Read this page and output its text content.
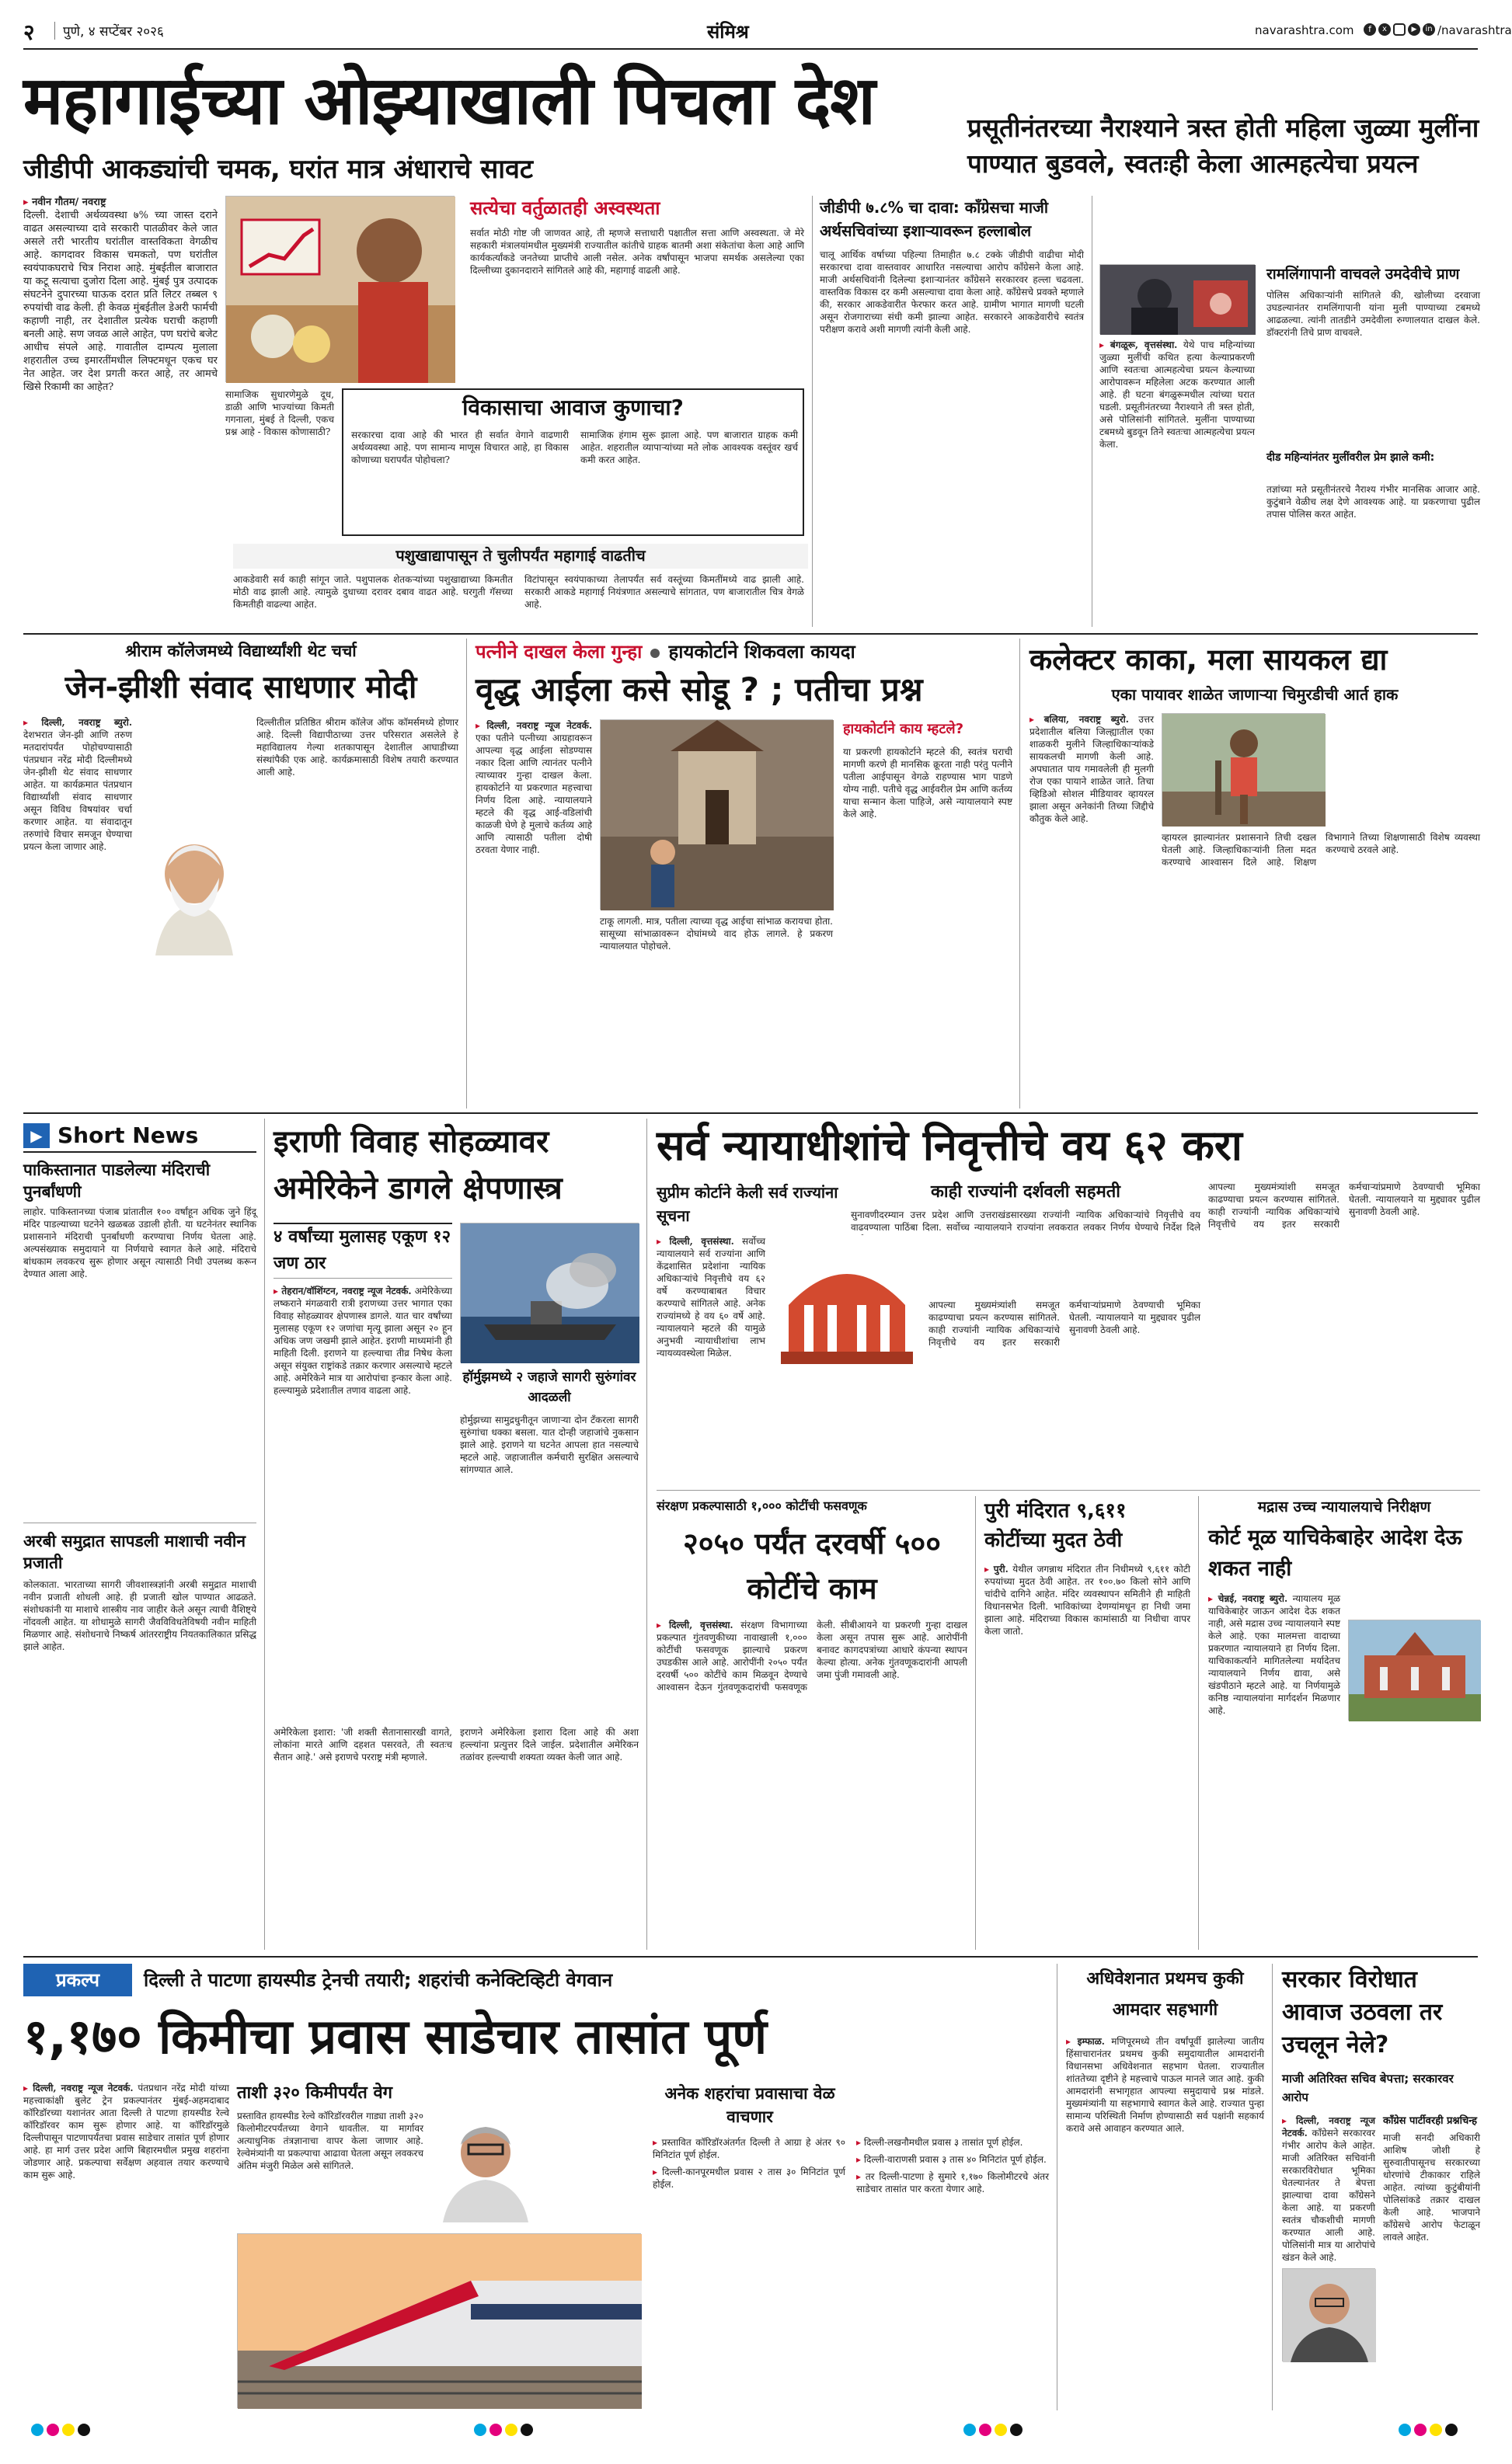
२	पुणे, ४ सप्टेंबर २०२६	संमिश्र	navarashtra.com	f	x	▶	in /navarashtra
महागाईच्या ओझ्याखाली पिचला देश
जीडीपी आकड्यांची चमक, घरांत मात्र अंधाराचे सावट
▸ नवीन गौतम/ नवराष्ट्र
दिल्ली. देशाची अर्थव्यवस्था ७% च्या जास्त दराने वाढत असल्याच्या दावे सरकारी पातळीवर केले जात असले तरी भारतीय घरांतील वास्तविकता वेगळीच आहे. कागदावर विकास चमकतो, पण घरांतील स्वयंपाकघराचे चित्र निराश आहे. मुंबईतील बाजारात या कटू सत्याचा दुजोरा दिला आहे. मुंबई पुत्र उत्पादक संघटनेने दुपारच्या घाऊक दरात प्रति लिटर तब्बल ९ रुपयांची वाढ केली. ही केवळ मुंबईतील डेअरी फार्मची कहाणी नाही, तर देशातील प्रत्येक घराची कहाणी बनली आहे. सण जवळ आले आहेत, पण घरांचे बजेट आधीच संपले आहे. गावातील दाम्पत्य मुलाला शहरातील उच्च इमारतींमधील लिफ्टमधून एकच घर नेत आहेत. जर देश प्रगती करत आहे, तर आमचे खिसे रिकामी का आहेत?
सामाजिक सुधारणेमुळे दूध, डाळी आणि भाज्यांच्या किमती गगनाला, मुंबई ते दिल्ली, एकच प्रश्न आहे - विकास कोणासाठी?
सत्येचा वर्तुळातही अस्वस्थता
सर्वात मोठी गोष्ट जी जाणवत आहे, ती म्हणजे सत्ताधारी पक्षातील सत्ता आणि अस्वस्थता. जे मेरे सहकारी मंत्रालयांमधील मुख्यमंत्री राज्यातील कांतीचे ग्राहक बातमी अशा संकेतांचा केला आहे आणि कार्यकर्त्यांकडे जनतेच्या प्राप्तीचे आली नसेल. अनेक वर्षांपासून भाजपा समर्थक असलेल्या एका दिल्लीच्या दुकानदाराने सांगितले आहे की, महागाई वाढली आहे.
विकासाचा आवाज कुणाचा?
सरकारचा दावा आहे की भारत ही सर्वात वेगाने वाढणारी अर्थव्यवस्था आहे. पण सामान्य माणूस विचारत आहे, हा विकास कोणाच्या घरापर्यंत पोहोचला?
सामाजिक हंगाम सुरू झाला आहे. पण बाजारात ग्राहक कमी आहेत. शहरातील व्यापाऱ्यांच्या मते लोक आवश्यक वस्तूंवर खर्च कमी करत आहेत.
पशुखाद्यापासून ते चुलीपर्यंत महागाई वाढतीच
आकडेवारी सर्व काही सांगून जाते. पशुपालक शेतकऱ्यांच्या पशुखाद्याच्या किमतीत मोठी वाढ झाली आहे. त्यामुळे दुधाच्या दरावर दबाव वाढत आहे. घरगुती गॅसच्या किमतीही वाढल्या आहेत.
विटांपासून स्वयंपाकाच्या तेलापर्यंत सर्व वस्तूंच्या किमतींमध्ये वाढ झाली आहे. सरकारी आकडे महागाई नियंत्रणात असल्याचे सांगतात, पण बाजारातील चित्र वेगळे आहे.
जीडीपी ७.८% चा दावा: काँग्रेसचा माजी अर्थसचिवांच्या इशाऱ्यावरून हल्लाबोल
चालू आर्थिक वर्षाच्या पहिल्या तिमाहीत ७.८ टक्के जीडीपी वाढीचा मोदी सरकारचा दावा वास्तवावर आधारित नसल्याचा आरोप काँग्रेसने केला आहे. माजी अर्थसचिवांनी दिलेल्या इशाऱ्यानंतर काँग्रेसने सरकारवर हल्ला चढवला. वास्तविक विकास दर कमी असल्याचा दावा केला आहे. कॉंग्रेसचे प्रवक्ते म्हणाले की, सरकार आकडेवारीत फेरफार करत आहे. ग्रामीण भागात मागणी घटली असून रोजगाराच्या संधी कमी झाल्या आहेत. सरकारने आकडेवारीचे स्वतंत्र परीक्षण करावे अशी मागणी त्यांनी केली आहे.
प्रसूतीनंतरच्या नैराश्याने त्रस्त होती महिला जुळ्या मुलींना पाण्यात बुडवले, स्वतःही केला आत्महत्येचा प्रयत्न
▸ बंगळूरू, वृत्तसंस्था. येथे पाच महिन्यांच्या जुळ्या मुलींची कथित हत्या केल्याप्रकरणी आणि स्वतःचा आत्महत्येचा प्रयत्न केल्याच्या आरोपावरून महिलेला अटक करण्यात आली आहे. ही घटना बंगळुरूमधील त्यांच्या घरात घडली. प्रसूतीनंतरच्या नैराश्याने ती त्रस्त होती, असे पोलिसांनी सांगितले. मुलींना पाण्याच्या टबमध्ये बुडवून तिने स्वतःचा आत्महत्येचा प्रयत्न केला.
रामलिंगापानी वाचवले उमदेवीचे प्राण
पोलिस अधिकाऱ्यांनी सांगितले की, खोलीच्या दरवाजा उघडल्यानंतर रामलिंगापानी यांना मुली पाण्याच्या टबमध्ये आढळल्या. त्यांनी तातडीने उमदेवीला रुग्णालयात दाखल केले. डॉक्टरांनी तिचे प्राण वाचवले.
दीड महिन्यांनंतर मुलींवरील प्रेम झाले कमी:
तज्ञांच्या मते प्रसूतीनंतरचे नैराश्य गंभीर मानसिक आजार आहे. कुटुंबाने वेळीच लक्ष देणे आवश्यक आहे. या प्रकरणाचा पुढील तपास पोलिस करत आहेत.
श्रीराम कॉलेजमध्ये विद्यार्थ्यांशी थेट चर्चा
जेन-झीशी संवाद साधणार मोदी
▸ दिल्ली, नवराष्ट्र ब्युरो. देशभरात जेन-झी आणि तरुण मतदारांपर्यंत पोहोचण्यासाठी पंतप्रधान नरेंद्र मोदी दिल्लीमध्ये जेन-झीशी थेट संवाद साधणार आहेत. या कार्यक्रमात पंतप्रधान विद्यार्थ्यांशी संवाद साधणार असून विविध विषयांवर चर्चा करणार आहेत. या संवादातून तरुणांचे विचार समजून घेण्याचा प्रयत्न केला जाणार आहे.
दिल्लीतील प्रतिष्ठित श्रीराम कॉलेज ऑफ कॉमर्समध्ये होणार आहे. दिल्ली विद्यापीठाच्या उत्तर परिसरात असलेले हे महाविद्यालय गेल्या शतकापासून देशातील आघाडीच्या संस्थांपैकी एक आहे. कार्यक्रमासाठी विशेष तयारी करण्यात आली आहे.
पत्नीने दाखल केला गुन्हा हायकोर्टाने शिकवला कायदा
वृद्ध आईला कसे सोडू ? ; पतीचा प्रश्न
▸ दिल्ली, नवराष्ट्र न्यूज नेटवर्क. एका पतीने पत्नीच्या आग्रहावरून आपल्या वृद्ध आईला सोडण्यास नकार दिला आणि त्यानंतर पत्नीने त्याच्यावर गुन्हा दाखल केला. हायकोर्टाने या प्रकरणात महत्त्वाचा निर्णय दिला आहे. न्यायालयाने म्हटले की वृद्ध आई-वडिलांची काळजी घेणे हे मुलाचे कर्तव्य आहे आणि त्यासाठी पतीला दोषी ठरवता येणार नाही.
टाकू लागली. मात्र, पतीला त्याच्या वृद्ध आईचा सांभाळ करायचा होता. सासूच्या सांभाळावरून दोघांमध्ये वाद होऊ लागले. हे प्रकरण न्यायालयात पोहोचले.
हायकोर्टाने काय म्हटले?
या प्रकरणी हायकोर्टाने म्हटले की, स्वतंत्र घराची मागणी करणे ही मानसिक क्रूरता नाही परंतु पत्नीने पतीला आईपासून वेगळे राहण्यास भाग पाडणे योग्य नाही. पतीचे वृद्ध आईवरील प्रेम आणि कर्तव्य याचा सन्मान केला पाहिजे, असे न्यायालयाने स्पष्ट केले आहे.
कलेक्टर काका, मला सायकल द्या
एका पायावर शाळेत जाणाऱ्या चिमुरडीची आर्त हाक
▸ बलिया, नवराष्ट्र ब्युरो. उत्तर प्रदेशातील बलिया जिल्ह्यातील एका शाळकरी मुलीने जिल्हाधिकाऱ्यांकडे सायकलची मागणी केली आहे. अपघातात पाय गमावलेली ही मुलगी रोज एका पायाने शाळेत जाते. तिचा व्हिडिओ सोशल मीडियावर व्हायरल झाला असून अनेकांनी तिच्या जिद्दीचे कौतुक केले आहे.
व्हायरल झाल्यानंतर प्रशासनाने तिची दखल घेतली आहे. जिल्हाधिकाऱ्यांनी तिला मदत करण्याचे आश्वासन दिले आहे. शिक्षण विभागाने तिच्या शिक्षणासाठी विशेष व्यवस्था करण्याचे ठरवले आहे.
▶ Short News
पाकिस्तानात पाडलेल्या मंदिराची पुनर्बांधणी
लाहोर. पाकिस्तानच्या पंजाब प्रांतातील १०० वर्षांहून अधिक जुने हिंदू मंदिर पाडल्याच्या घटनेने खळबळ उडाली होती. या घटनेनंतर स्थानिक प्रशासनाने मंदिराची पुनर्बांधणी करण्याचा निर्णय घेतला आहे. अल्पसंख्याक समुदायाने या निर्णयाचे स्वागत केले आहे. मंदिराचे बांधकाम लवकरच सुरू होणार असून त्यासाठी निधी उपलब्ध करून देण्यात आला आहे.
अरबी समुद्रात सापडली माशाची नवीन प्रजाती
कोलकाता. भारताच्या सागरी जीवशास्त्रज्ञांनी अरबी समुद्रात माशाची नवीन प्रजाती शोधली आहे. ही प्रजाती खोल पाण्यात आढळते. संशोधकांनी या माशाचे शास्त्रीय नाव जाहीर केले असून त्याची वैशिष्ट्ये नोंदवली आहेत. या शोधामुळे सागरी जैवविविधतेविषयी नवीन माहिती मिळणार आहे. संशोधनाचे निष्कर्ष आंतरराष्ट्रीय नियतकालिकात प्रसिद्ध झाले आहेत.
इराणी विवाह सोहळ्यावर अमेरिकेने डागले क्षेपणास्त्र
४ वर्षांच्या मुलासह एकूण १२ जण ठार
▸ तेहरान/वॉशिंग्टन, नवराष्ट्र न्यूज नेटवर्क. अमेरिकेच्या लष्कराने मंगळवारी रात्री इराणच्या उत्तर भागात एका विवाह सोहळ्यावर क्षेपणास्त्र डागले. यात चार वर्षांच्या मुलासह एकूण १२ जणांचा मृत्यू झाला असून २० हून अधिक जण जखमी झाले आहेत. इराणी माध्यमांनी ही माहिती दिली. इराणने या हल्ल्याचा तीव्र निषेध केला असून संयुक्त राष्ट्रांकडे तक्रार करणार असल्याचे म्हटले आहे. अमेरिकेने मात्र या आरोपांचा इन्कार केला आहे. हल्ल्यामुळे प्रदेशातील तणाव वाढला आहे.
हॉर्मुझमध्ये २ जहाजे सागरी सुरुंगांवर आदळली
होर्मुझच्या सामुद्रधुनीतून जाणाऱ्या दोन टँकरला सागरी सुरुंगांचा धक्का बसला. यात दोन्ही जहाजांचे नुकसान झाले आहे. इराणने या घटनेत आपला हात नसल्याचे म्हटले आहे. जहाजातील कर्मचारी सुरक्षित असल्याचे सांगण्यात आले.
अमेरिकेला इशारा: 'जी शक्ती सैतानासारखी वागते, लोकांना मारते आणि दहशत पसरवते, ती स्वतःच सैतान आहे.' असे इराणचे परराष्ट्र मंत्री म्हणाले.
इराणने अमेरिकेला इशारा दिला आहे की अशा हल्ल्यांना प्रत्युत्तर दिले जाईल. प्रदेशातील अमेरिकन तळांवर हल्ल्याची शक्यता व्यक्त केली जात आहे.
सर्व न्यायाधीशांचे निवृत्तीचे वय ६२ करा
सुप्रीम कोर्टाने केली सर्व राज्यांना सूचना
काही राज्यांनी दर्शवली सहमती
सुनावणीदरम्यान उत्तर प्रदेश आणि उत्तराखंडसारख्या राज्यांनी न्यायिक अधिकाऱ्यांचे निवृत्तीचे वय वाढवण्याला पाठिंबा दिला. सर्वोच्च न्यायालयाने राज्यांना लवकरात लवकर निर्णय घेण्याचे निर्देश दिले
▸ दिल्ली, वृत्तसंस्था. सर्वोच्च न्यायालयाने सर्व राज्यांना आणि केंद्रशासित प्रदेशांना न्यायिक अधिकाऱ्यांचे निवृत्तीचे वय ६२ वर्षे करण्याबाबत विचार करण्याचे सांगितले आहे. अनेक राज्यांमध्ये हे वय ६० वर्षे आहे. न्यायालयाने म्हटले की यामुळे अनुभवी न्यायाधीशांचा लाभ न्यायव्यवस्थेला मिळेल.
आपल्या मुख्यमंत्र्यांशी समजूत काढण्याचा प्रयत्न करण्यास सांगितले. काही राज्यांनी न्यायिक अधिकाऱ्यांचे निवृत्तीचे वय इतर सरकारी कर्मचाऱ्यांप्रमाणे ठेवण्याची भूमिका घेतली. न्यायालयाने या मुद्द्यावर पुढील सुनावणी ठेवली आहे.
आपल्या मुख्यमंत्र्यांशी समजूत काढण्याचा प्रयत्न करण्यास सांगितले. काही राज्यांनी न्यायिक अधिकाऱ्यांचे निवृत्तीचे वय इतर सरकारी कर्मचाऱ्यांप्रमाणे ठेवण्याची भूमिका घेतली. न्यायालयाने या मुद्द्यावर पुढील सुनावणी ठेवली आहे.
संरक्षण प्रकल्पासाठी १,००० कोटींची फसवणूक
२०५० पर्यंत दरवर्षी ५०० कोटींचे काम
▸ दिल्ली, वृत्तसंस्था. संरक्षण विभागाच्या प्रकल्पात गुंतवणुकीच्या नावाखाली १,००० कोटींची फसवणूक झाल्याचे प्रकरण उघडकीस आले आहे. आरोपींनी २०५० पर्यंत दरवर्षी ५०० कोटींचे काम मिळवून देण्याचे आश्वासन देऊन गुंतवणूकदारांची फसवणूक केली. सीबीआयने या प्रकरणी गुन्हा दाखल केला असून तपास सुरू आहे. आरोपींनी बनावट कागदपत्रांच्या आधारे कंपन्या स्थापन केल्या होत्या. अनेक गुंतवणूकदारांनी आपली जमा पुंजी गमावली आहे.
पुरी मंदिरात ९,६११ कोटींच्या मुदत ठेवी
▸ पुरी. येथील जगन्नाथ मंदिरात तीन निधीमध्ये ९,६११ कोटी रुपयांच्या मुदत ठेवी आहेत. तर १००.७० किलो सोने आणि चांदीचे दागिने आहेत. मंदिर व्यवस्थापन समितीने ही माहिती विधानसभेत दिली. भाविकांच्या देणग्यांमधून हा निधी जमा झाला आहे. मंदिराच्या विकास कामांसाठी या निधीचा वापर केला जातो.
मद्रास उच्च न्यायालयाचे निरीक्षण
कोर्ट मूळ याचिकेबाहेर आदेश देऊ शकत नाही
▸ चेन्नई, नवराष्ट्र ब्युरो. न्यायालय मूळ याचिकेबाहेर जाऊन आदेश देऊ शकत नाही, असे मद्रास उच्च न्यायालयाने स्पष्ट केले आहे. एका मालमत्ता वादाच्या प्रकरणात न्यायालयाने हा निर्णय दिला. याचिकाकर्त्याने मागितलेल्या मर्यादेतच न्यायालयाने निर्णय द्यावा, असे खंडपीठाने म्हटले आहे. या निर्णयामुळे कनिष्ठ न्यायालयांना मार्गदर्शन मिळणार आहे.
प्रकल्प	दिल्ली ते पाटणा हायस्पीड ट्रेनची तयारी; शहरांची कनेक्टिव्हिटी वेगवान
१,१७० किमीचा प्रवास साडेचार तासांत पूर्ण
▸ दिल्ली, नवराष्ट्र न्यूज नेटवर्क. पंतप्रधान नरेंद्र मोदी यांच्या महत्त्वाकांक्षी बुलेट ट्रेन प्रकल्पानंतर मुंबई-अहमदाबाद कॉरिडॉरच्या यशानंतर आता दिल्ली ते पाटणा हायस्पीड रेल्वे कॉरिडॉरवर काम सुरू होणार आहे. या कॉरिडॉरमुळे दिल्लीपासून पाटणापर्यंतचा प्रवास साडेचार तासांत पूर्ण होणार आहे. हा मार्ग उत्तर प्रदेश आणि बिहारमधील प्रमुख शहरांना जोडणार आहे. प्रकल्पाचा सर्वेक्षण अहवाल तयार करण्याचे काम सुरू आहे.
ताशी ३२० किमीपर्यंत वेग
प्रस्तावित हायस्पीड रेल्वे कॉरिडॉरवरील गाड्या ताशी ३२० किलोमीटरपर्यंतच्या वेगाने धावतील. या मार्गावर अत्याधुनिक तंत्रज्ञानाचा वापर केला जाणार आहे. रेल्वेमंत्र्यांनी या प्रकल्पाचा आढावा घेतला असून लवकरच अंतिम मंजुरी मिळेल असे सांगितले.
अनेक शहरांचा प्रवासाचा वेळ वाचणार

▸ प्रस्तावित कॉरिडॉरअंतर्गत दिल्ली ते आग्रा हे अंतर ९० मिनिटांत पूर्ण होईल.

▸ दिल्ली-कानपूरमधील प्रवास २ तास ३० मिनिटांत पूर्ण होईल.

▸ दिल्ली-लखनौमधील प्रवास ३ तासांत पूर्ण होईल.

▸ दिल्ली-वाराणसी प्रवास ३ तास ४० मिनिटांत पूर्ण होईल.

▸ तर दिल्ली-पाटणा हे सुमारे १,१७० किलोमीटरचे अंतर साडेचार तासांत पार करता येणार आहे.

अधिवेशनात प्रथमच कुकी आमदार सहभागी
▸ इम्फाळ. मणिपूरमध्ये तीन वर्षांपूर्वी झालेल्या जातीय हिंसाचारानंतर प्रथमच कुकी समुदायातील आमदारांनी विधानसभा अधिवेशनात सहभाग घेतला. राज्यातील शांततेच्या दृष्टीने हे महत्त्वाचे पाऊल मानले जात आहे. कुकी आमदारांनी सभागृहात आपल्या समुदायाचे प्रश्न मांडले. मुख्यमंत्र्यांनी या सहभागाचे स्वागत केले आहे. राज्यात पुन्हा सामान्य परिस्थिती निर्माण होण्यासाठी सर्व पक्षांनी सहकार्य करावे असे आवाहन करण्यात आले.
सरकार विरोधात आवाज उठवला तर उचलून नेले?
माजी अतिरिक्त सचिव बेपत्ता; सरकारवर आरोप
▸ दिल्ली, नवराष्ट्र न्यूज नेटवर्क. कॉंग्रेसने सरकारवर गंभीर आरोप केले आहेत. माजी अतिरिक्त सचिवांनी सरकारविरोधात भूमिका घेतल्यानंतर ते बेपत्ता झाल्याचा दावा काँग्रेसने केला आहे. या प्रकरणी स्वतंत्र चौकशीची मागणी करण्यात आली आहे. पोलिसांनी मात्र या आरोपांचे खंडन केले आहे.
कॉंग्रेस पार्टीवरही प्रश्नचिन्ह
माजी सनदी अधिकारी आशिष जोशी हे सुरुवातीपासूनच सरकारच्या धोरणांचे टीकाकार राहिले आहेत. त्यांच्या कुटुंबीयांनी पोलिसांकडे तक्रार दाखल केली आहे. भाजपाने कॉंग्रेसचे आरोप फेटाळून लावले आहेत.
